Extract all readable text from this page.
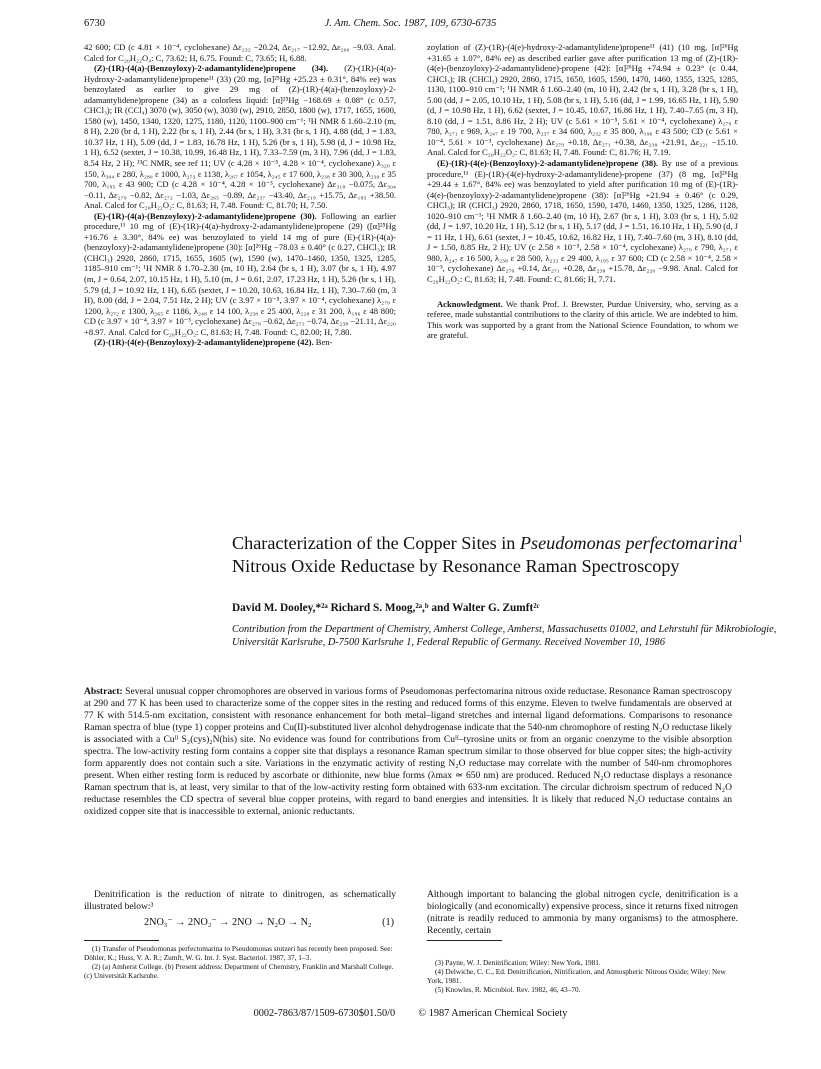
6730	J. Am. Chem. Soc. 1987, 109, 6730-6735

42 600; CD (c 4.81 × 10⁻⁴, cyclohexane) Δε₂₃₂ −20.24, Δε₂₁₇ −12.92, Δε₂₀₀ −9.03. Anal. Calcd for C₂₀H₂₂O₄: C, 73.62; H, 6.75. Found: C, 73.65; H, 6.88.

(Z)-(1R)-(4(a)-(Benzoyloxy)-2-adamantylidene)propene (34). (Z)-(1R)-(4(a)-Hydroxy-2-adamantylidene)propene¹¹ (33) (20 mg, [α]²⁵Hg +25.23 ± 0.31°, 84% ee) was benzoylated as earlier to give 29 mg of (Z)-(1R)-(4(a)-(benzoyloxy)-2-adamantylidene)propene (34) as a colorless liquid: [α]²⁵Hg −168.69 ± 0.08° (c 0.57, CHCl₃); IR (CCl₄) 3070 (w), 3050 (w), 3030 (w), 2910, 2850, 1800 (w), 1717, 1655, 1600, 1580 (w), 1450, 1340, 1320, 1275, 1180, 1120, 1100–900 cm⁻¹; ¹H NMR δ 1.60–2.10 (m, 8 H), 2.20 (br d, 1 H), 2.22 (br s, 1 H), 2.44 (br s, 1 H), 3.31 (br s, 1 H), 4.88 (dd, J = 1.83, 10.37 Hz, 1 H), 5.09 (dd, J = 1.83, 16.78 Hz, 1 H), 5.26 (br s, 1 H), 5.98 (d, J = 10.98 Hz, 1 H), 6.52 (sextet, J = 10.38, 10.99, 16.48 Hz, 1 H), 7.33–7.59 (m, 3 H), 7.96 (dd, J = 1.83, 8.54 Hz, 2 H); ¹³C NMR, see ref 11; UV (c 4.28 × 10⁻⁵, 4.28 × 10⁻⁴, cyclohexane) λ₃₂₀ ε 150, λ₃₀₄ ε 280, λ₂₈₀ ε 1000, λ₂₇₃ ε 1138, λ₂₆₇ ε 1054, λ₂₄₅ ε 17 600, λ₂₃₈ ε 30 300, λ₂₃₀ ε 35 700, λ₁₉₅ ε 43 900; CD (c 4.28 × 10⁻⁴, 4.28 × 10⁻³, cyclohexane) Δε₃₁₈ −0.075, Δε₃₀₄ −0.11, Δε₂₇₉ −0.82, Δε₂₇₂ −1.03, Δε₂₆₅ −0.89, Δε₂₃₇ −43.40, Δε₂₁₉ +15.75, Δε₁₉₅ +38.50. Anal. Calcd for C₂₀H₂₂O₂: C, 81.63; H, 7.48. Found: C, 81.70; H, 7.50.

(E)-(1R)-(4(a)-(Benzoyloxy)-2-adamantylidene)propene (30). Following an earlier procedure,¹¹ 10 mg of (E)-(1R)-(4(a)-hydroxy-2-adamantylidene)propene (29) ([α]²⁵Hg +16.76 ± 3.30°, 84% ee) was benzoylated to yield 14 mg of pure (E)-(1R)-(4(a)-(benzoyloxy)-2-adamantylidene)propene (30): [α]²⁶Hg −78.03 ± 0.40° (c 0.27, CHCl₃); IR (CHCl₃) 2920, 2860, 1715, 1655, 1605 (w), 1590 (w), 1470–1460, 1350, 1325, 1285, 1185–910 cm⁻¹; ¹H NMR δ 1.70–2.30 (m, 10 H), 2.64 (br s, 1 H), 3.07 (br s, 1 H), 4.97 (m, J = 0.64, 2.07, 10.15 Hz, 1 H), 5.10 (m, J = 0.61, 2.07, 17.23 Hz, 1 H), 5.26 (br s, 1 H), 5.79 (d, J = 10.92 Hz, 1 H), 6.65 (sextet, J = 10.20, 10.63, 16.84 Hz, 1 H), 7.30–7.60 (m, 3 H), 8.00 (dd, J = 2.04, 7.51 Hz, 2 H); UV (c 3.97 × 10⁻⁵, 3.97 × 10⁻⁴, cyclohexane) λ₂₇₉ ε 1200, λ₂₇₂ ε 1300, λ₂₆₅ ε 1186, λ₂₄₈ ε 14 100, λ₂₃₈ ε 25 400, λ₂₂₈ ε 31 200, λ₁₉₆ ε 48 800; CD (c 3.97 × 10⁻⁴, 3.97 × 10⁻³, cyclohexane) Δε₂₇₈ −0.62, Δε₂₇₁ −0.74, Δε₂₃₈ −21.11, Δε₂₂₀ +8.97. Anal. Calcd for C₂₀H₂₂O₂: C, 81.63; H, 7.48. Found: C, 82.00; H, 7.80.

(Z)-(1R)-(4(e)-(Benzoyloxy)-2-adamantylidene)propene (42). Ben-

zoylation of (Z)-(1R)-(4(e)-hydroxy-2-adamantylidene)propene¹¹ (41) (10 mg, [α]²⁶Hg +31.65 ± 1.07°, 84% ee) as described earlier gave after purification 13 mg of (Z)-(1R)-(4(e)-(benzoyloxy)-2-adamantylidene)-propene (42): [α]²⁶Hg +74.94 ± 0.23° (c 0.44, CHCl₃); IR (CHCl₃) 2920, 2860, 1715, 1650, 1605, 1590, 1470, 1460, 1355, 1325, 1285, 1130, 1100–910 cm⁻¹; ¹H NMR δ 1.60–2.40 (m, 10 H), 2.42 (br s, 1 H), 3.28 (br s, 1 H), 5.00 (dd, J = 2.05, 10.10 Hz, 1 H), 5.08 (br s, 1 H), 5.16 (dd, J = 1.99, 16.65 Hz, 1 H), 5.90 (d, J = 10.98 Hz, 1 H), 6.62 (sextet, J = 10.45, 10.67, 16.86 Hz, 1 H), 7.40–7.65 (m, 3 H), 8.10 (dd, J = 1.51, 8.86 Hz, 2 H); UV (c 5.61 × 10⁻⁵, 5.61 × 10⁻⁴, cyclohexane) λ₂₇₉ ε 780, λ₂₇₁ ε 969, λ₂₄₇ ε 19 700, λ₂₃₇ ε 34 600, λ₂₃₂ ε 35 800, λ₁₉₆ ε 43 500; CD (c 5.61 × 10⁻⁴, 5.61 × 10⁻³, cyclohexane) Δε₂₇₉ +0.18, Δε₂₇₁ +0.38, Δε₂₃₈ +21.91, Δε₂₂₁ −15.10. Anal. Calcd for C₂₀H₂₂O₂: C, 81.63; H, 7.48. Found: C, 81.76; H, 7.19.

(E)-(1R)-(4(e)-(Benzoyloxy)-2-adamantylidene)propene (38). By use of a previous procedure,¹¹ (E)-(1R)-(4(e)-hydroxy-2-adamantylidene)-propene (37) (8 mg, [α]²⁶Hg +29.44 ± 1.67°, 84% ee) was benzoylated to yield after purification 10 mg of (E)-(1R)-(4(e)-(benzoyloxy)-2-adamantylidene)propene (38): [α]²⁶Hg +21.94 ± 0.46° (c 0.29, CHCl₃); IR (CHCl₃) 2920, 2860, 1718, 1650, 1590, 1470, 1460, 1350, 1325, 1286, 1128, 1020–910 cm⁻¹; ¹H NMR δ 1.60–2.40 (m, 10 H), 2.67 (br s, 1 H), 3.03 (br s, 1 H), 5.02 (dd, J = 1.97, 10.20 Hz, 1 H), 5.12 (br s, 1 H), 5.17 (dd, J = 1.51, 16.10 Hz, 1 H), 5.90 (d, J = 11 Hz, 1 H), 6.61 (sextet, J = 10.45, 10.62, 16.82 Hz, 1 H), 7.40–7.60 (m, 3 H), 8.10 (dd, J = 1.50, 8.85 Hz, 2 H); UV (c 2.58 × 10⁻⁵, 2.58 × 10⁻⁴, cyclohexane) λ₂₇₉ ε 790, λ₂₇₁ ε 980, λ₂₄₇ ε 16 500, λ₂₃₈ ε 28 500, λ₂₃₂ ε 29 400, λ₁₉₅ ε 37 600; CD (c 2.58 × 10⁻⁴, 2.58 × 10⁻³, cyclohexane) Δε₂₇₉ +0.14, Δε₂₇₁ +0.28, Δε₂₃₈ +15.78, Δε₂₂₀ −9.98. Anal. Calcd for C₂₀H₂₂O₂: C, 81.63; H, 7.48. Found: C, 81.66; H, 7.71.

Acknowledgment. We thank Prof. J. Brewster, Purdue University, who, serving as a referee, made substantial contributions to the clarity of this article. We are indebted to him. This work was supported by a grant from the National Science Foundation, to whom we are grateful.

Characterization of the Copper Sites in Pseudomonas perfectomarina$^1$ Nitrous Oxide Reductase by Resonance Raman Spectroscopy
David M. Dooley,*²ᵃ Richard S. Moog,²ᵃ,ᵇ and Walter G. Zumft²ᶜ
Contribution from the Department of Chemistry, Amherst College, Amherst, Massachusetts 01002, and Lehrstuhl für Mikrobiologie, Universität Karlsruhe, D-7500 Karlsruhe 1, Federal Republic of Germany. Received November 10, 1986
Abstract: Several unusual copper chromophores are observed in various forms of Pseudomonas perfectomarina nitrous oxide reductase. Resonance Raman spectroscopy at 290 and 77 K has been used to characterize some of the copper sites in the resting and reduced forms of this enzyme. Eleven to twelve fundamentals are observed at 77 K with 514.5-nm excitation, consistent with resonance enhancement for both metal–ligand stretches and internal ligand deformations. Comparisons to resonance Raman spectra of blue (type 1) copper proteins and Cu(II)-substituted liver alcohol dehydrogenase indicate that the 540-nm chromophore of resting N₂O reductase likely is associated with a Cuᴵᴵ S₂(cys)₂N(his) site. No evidence was found for contributions from Cuᴵᴵ–tyrosine units or from an organic coenzyme to the visible absorption spectra. The low-activity resting form contains a copper site that displays a resonance Raman spectrum similar to those observed for blue copper sites; the high-activity form apparently does not contain such a site. Variations in the enzymatic activity of resting N₂O reductase may correlate with the number of 540-nm chromophores present. When either resting form is reduced by ascorbate or dithionite, new blue forms (λmax ≃ 650 nm) are produced. Reduced N₂O reductase displays a resonance Raman spectrum that is, at least, very similar to that of the low-activity resting form obtained with 633-nm excitation. The circular dichroism spectrum of reduced N₂O reductase resembles the CD spectra of several blue copper proteins, with regard to band energies and intensities. It is likely that reduced N₂O reductase contains an oxidized copper site that is inaccessible to external, anionic reductants.

Denitrification is the reduction of nitrate to dinitrogen, as schematically illustrated below:³

2NO₃⁻ → 2NO₂⁻ → 2NO → N₂O → N₂	(1)

Although important to balancing the global nitrogen cycle, denitrification is a biologically (and economically) expensive process, since it returns fixed nitrogen (nitrate is readily reduced to ammonia by many organisms) to the atmosphere. Recently, certain

(1) Transfer of Pseudomonas perfectomarina to Pseudomonas stutzeri has recently been proposed. See: Döhler, K.; Huss, V. A. R.; Zumft, W. G. Int. J. Syst. Bacteriol. 1987, 37, 1–3.
(2) (a) Amherst College. (b) Present address: Department of Chemistry, Franklin and Marshall College. (c) Universität Karlsruhe.
(3) Payne, W. J. Denitrification; Wiley: New York, 1981.
(4) Delwiche, C. C., Ed. Denitrification, Nitrification, and Atmospheric Nitrous Oxide; Wiley: New York, 1981.
(5) Knowles, R. Microbiol. Rev. 1982, 46, 43–70.
0002-7863/87/1509-6730$01.50/0 © 1987 American Chemical Society
